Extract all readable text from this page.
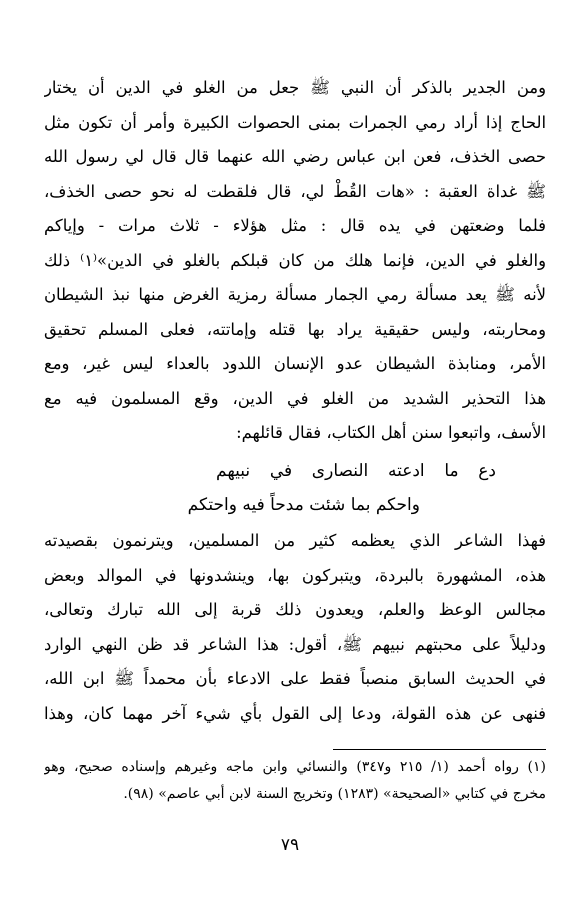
ومن الجدير بالذكر أن النبي ﷺ جعل من الغلو في الدين أن يختار
الحاج إذا أراد رمي الجمرات بمنى الحصوات الكبيرة وأمر أن تكون مثل
حصى الخذف، فعن ابن عباس رضي الله عنهما قال قال لي رسول الله
ﷺ غداة العقبة : «هات القُطْ لي، قال فلقطت له نحو حصى الخذف،
فلما وضعتهن في يده قال : مثل هؤلاء - ثلاث مرات - وإياكم
والغلو في الدين، فإنما هلك من كان قبلكم بالغلو في الدين»⁽١⁾ ذلك
لأنه ﷺ يعد مسألة رمي الجمار مسألة رمزية الغرض منها نبذ الشيطان
ومحاربته، وليس حقيقية يراد بها قتله وإماتته، فعلى المسلم تحقيق
الأمر، ومنابذة الشيطان عدو الإنسان اللدود بالعداء ليس غير، ومع
هذا التحذير الشديد من الغلو في الدين، وقع المسلمون فيه مع
الأسف، واتبعوا سنن أهل الكتاب، فقال قائلهم:
دع ما ادعته النصارى في نبيهم
واحكم بما شئت مدحاً فيه واحتكم
فهذا الشاعر الذي يعظمه كثير من المسلمين، ويترنمون بقصيدته
هذه، المشهورة بالبردة، ويتبركون بها، وينشدونها في الموالد وبعض
مجالس الوعظ والعلم، ويعدون ذلك قربة إلى الله تبارك وتعالى،
ودليلاً على محبتهم نبيهم ﷺ، أقول: هذا الشاعر قد ظن النهي الوارد
في الحديث السابق منصباً فقط على الادعاء بأن محمداً ﷺ ابن الله،
فنهى عن هذه القولة، ودعا إلى القول بأي شيء آخر مهما كان، وهذا
(١) رواه أحمد (١/ ٢١٥ و٣٤٧) والنسائي وابن ماجه وغيرهم وإسناده صحيح، وهو
مخرج في كتابي «الصحيحة» (١٢٨٣) وتخريج السنة لابن أبي عاصم» (٩٨).
٧٩
